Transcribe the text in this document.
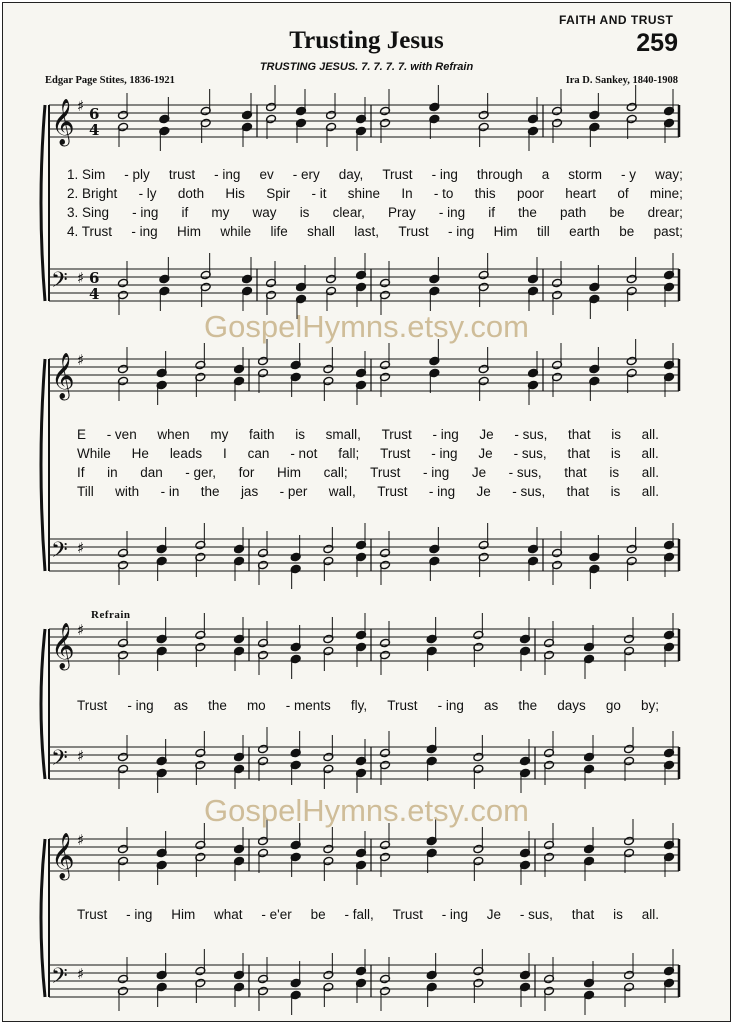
FAITH AND TRUST
Trusting Jesus	259
TRUSTING JESUS. 7. 7. 7. 7. with Refrain
Edgar Page Stites, 1836-1921	Ira D. Sankey, 1840-1908
𝄞 ♯ 6
4
𝄢 ♯ 6
4
𝄞 ♯
𝄢 ♯
𝄞 ♯
𝄢 ♯
𝄞 ♯
𝄢 ♯
1. Sim - ply trust - ing ev - ery day, Trust - ing through a storm - y way;
2. Bright - ly doth His Spir - it shine In - to this poor heart of mine;
3. Sing - ing if my way is clear, Pray - ing if the path be drear;
4. Trust - ing Him while life shall last, Trust - ing Him till earth be past;
GospelHymns.etsy.com
E - ven when my faith is small, Trust - ing Je - sus, that is all.
While He leads I can - not fall; Trust - ing Je - sus, that is all.
If in dan - ger, for Him call; Trust - ing Je - sus, that is all.
Till with - in the jas - per wall, Trust - ing Je - sus, that is all.
Refrain
Trust - ing as the mo - ments fly, Trust - ing as the days go by;
GospelHymns.etsy.com
Trust - ing Him what - e'er be - fall, Trust - ing Je - sus, that is all.
